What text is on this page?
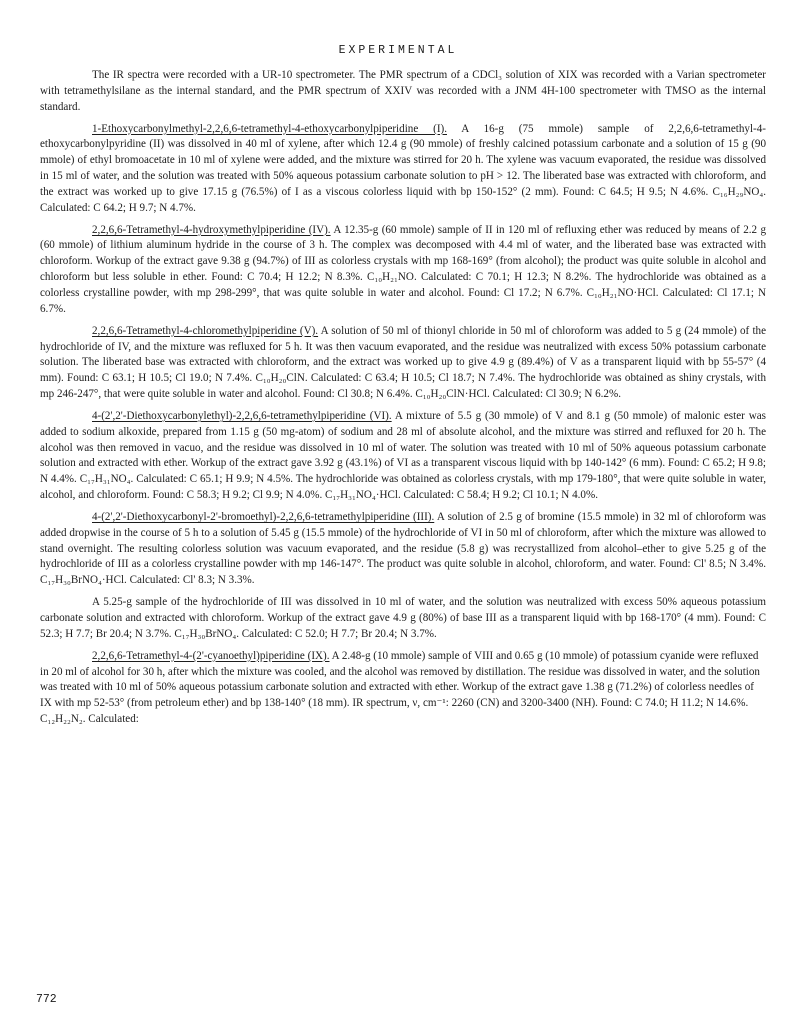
EXPERIMENTAL

The IR spectra were recorded with a UR-10 spectrometer. The PMR spectrum of a CDCl₃ solution of XIX was recorded with a Varian spectrometer with tetramethylsilane as the internal standard, and the PMR spectrum of XXIV was recorded with a JNM 4H-100 spectrometer with TMSO as the internal standard.

1-Ethoxycarbonylmethyl-2,2,6,6-tetramethyl-4-ethoxycarbonylpiperidine (I). A 16-g (75 mmole) sample of 2,2,6,6-tetramethyl-4-ethoxycarbonylpyridine (II) was dissolved in 40 ml of xylene, after which 12.4 g (90 mmole) of freshly calcined potassium carbonate and a solution of 15 g (90 mmole) of ethyl bromoacetate in 10 ml of xylene were added, and the mixture was stirred for 20 h. The xylene was vacuum evaporated, the residue was dissolved in 15 ml of water, and the solution was treated with 50% aqueous potassium carbonate solution to pH > 12. The liberated base was extracted with chloroform, and the extract was worked up to give 17.15 g (76.5%) of I as a viscous colorless liquid with bp 150-152° (2 mm). Found: C 64.5; H 9.5; N 4.6%. C₁₆H₂₉NO₄. Calculated: C 64.2; H 9.7; N 4.7%.

2,2,6,6-Tetramethyl-4-hydroxymethylpiperidine (IV). A 12.35-g (60 mmole) sample of II in 120 ml of refluxing ether was reduced by means of 2.2 g (60 mmole) of lithium aluminum hydride in the course of 3 h. The complex was decomposed with 4.4 ml of water, and the liberated base was extracted with chloroform. Workup of the extract gave 9.38 g (94.7%) of III as colorless crystals with mp 168-169° (from alcohol); the product was quite soluble in alcohol and chloroform but less soluble in ether. Found: C 70.4; H 12.2; N 8.3%. C₁₀H₂₁NO. Calculated: C 70.1; H 12.3; N 8.2%. The hydrochloride was obtained as a colorless crystalline powder, with mp 298-299°, that was quite soluble in water and alcohol. Found: Cl 17.2; N 6.7%. C₁₀H₂₁NO·HCl. Calculated: Cl 17.1; N 6.7%.

2,2,6,6-Tetramethyl-4-chloromethylpiperidine (V). A solution of 50 ml of thionyl chloride in 50 ml of chloroform was added to 5 g (24 mmole) of the hydrochloride of IV, and the mixture was refluxed for 5 h. It was then vacuum evaporated, and the residue was neutralized with excess 50% potassium carbonate solution. The liberated base was extracted with chloroform, and the extract was worked up to give 4.9 g (89.4%) of V as a transparent liquid with bp 55-57° (4 mm). Found: C 63.1; H 10.5; Cl 19.0; N 7.4%. C₁₀H₂₀ClN. Calculated: C 63.4; H 10.5; Cl 18.7; N 7.4%. The hydrochloride was obtained as shiny crystals, with mp 246-247°, that were quite soluble in water and alcohol. Found: Cl 30.8; N 6.4%. C₁₀H₂₀ClN·HCl. Calculated: Cl 30.9; N 6.2%.

4-(2',2'-Diethoxycarbonylethyl)-2,2,6,6-tetramethylpiperidine (VI). A mixture of 5.5 g (30 mmole) of V and 8.1 g (50 mmole) of malonic ester was added to sodium alkoxide, prepared from 1.15 g (50 mg-atom) of sodium and 28 ml of absolute alcohol, and the mixture was stirred and refluxed for 20 h. The alcohol was then removed in vacuo, and the residue was dissolved in 10 ml of water. The solution was treated with 10 ml of 50% aqueous potassium carbonate solution and extracted with ether. Workup of the extract gave 3.92 g (43.1%) of VI as a transparent viscous liquid with bp 140-142° (6 mm). Found: C 65.2; H 9.8; N 4.4%. C₁₇H₃₁NO₄. Calculated: C 65.1; H 9.9; N 4.5%. The hydrochloride was obtained as colorless crystals, with mp 179-180°, that were quite soluble in water, alcohol, and chloroform. Found: C 58.3; H 9.2; Cl 9.9; N 4.0%. C₁₇H₃₁NO₄·HCl. Calculated: C 58.4; H 9.2; Cl 10.1; N 4.0%.

4-(2',2'-Diethoxycarbonyl-2'-bromoethyl)-2,2,6,6-tetramethylpiperidine (III). A solution of 2.5 g of bromine (15.5 mmole) in 32 ml of chloroform was added dropwise in the course of 5 h to a solution of 5.45 g (15.5 mmole) of the hydrochloride of VI in 50 ml of chloroform, after which the mixture was allowed to stand overnight. The resulting colorless solution was vacuum evaporated, and the residue (5.8 g) was recrystallized from alcohol–ether to give 5.25 g of the hydrochloride of III as a colorless crystalline powder with mp 146-147°. The product was quite soluble in alcohol, chloroform, and water. Found: Cl' 8.5; N 3.4%. C₁₇H₃₀BrNO₄·HCl. Calculated: Cl' 8.3; N 3.3%.

A 5.25-g sample of the hydrochloride of III was dissolved in 10 ml of water, and the solution was neutralized with excess 50% aqueous potassium carbonate solution and extracted with chloroform. Workup of the extract gave 4.9 g (80%) of base III as a transparent liquid with bp 168-170° (4 mm). Found: C 52.3; H 7.7; Br 20.4; N 3.7%. C₁₇H₃₀BrNO₄. Calculated: C 52.0; H 7.7; Br 20.4; N 3.7%.

2,2,6,6-Tetramethyl-4-(2'-cyanoethyl)piperidine (IX). A 2.48-g (10 mmole) sample of VIII and 0.65 g (10 mmole) of potassium cyanide were refluxed in 20 ml of alcohol for 30 h, after which the mixture was cooled, and the alcohol was removed by distillation. The residue was dissolved in water, and the solution was treated with 10 ml of 50% aqueous potassium carbonate solution and extracted with ether. Workup of the extract gave 1.38 g (71.2%) of colorless needles of IX with mp 52-53° (from petroleum ether) and bp 138-140° (18 mm). IR spectrum, ν, cm⁻¹: 2260 (CN) and 3200-3400 (NH). Found: C 74.0; H 11.2; N 14.6%. C₁₂H₂₂N₂. Calculated:

772
